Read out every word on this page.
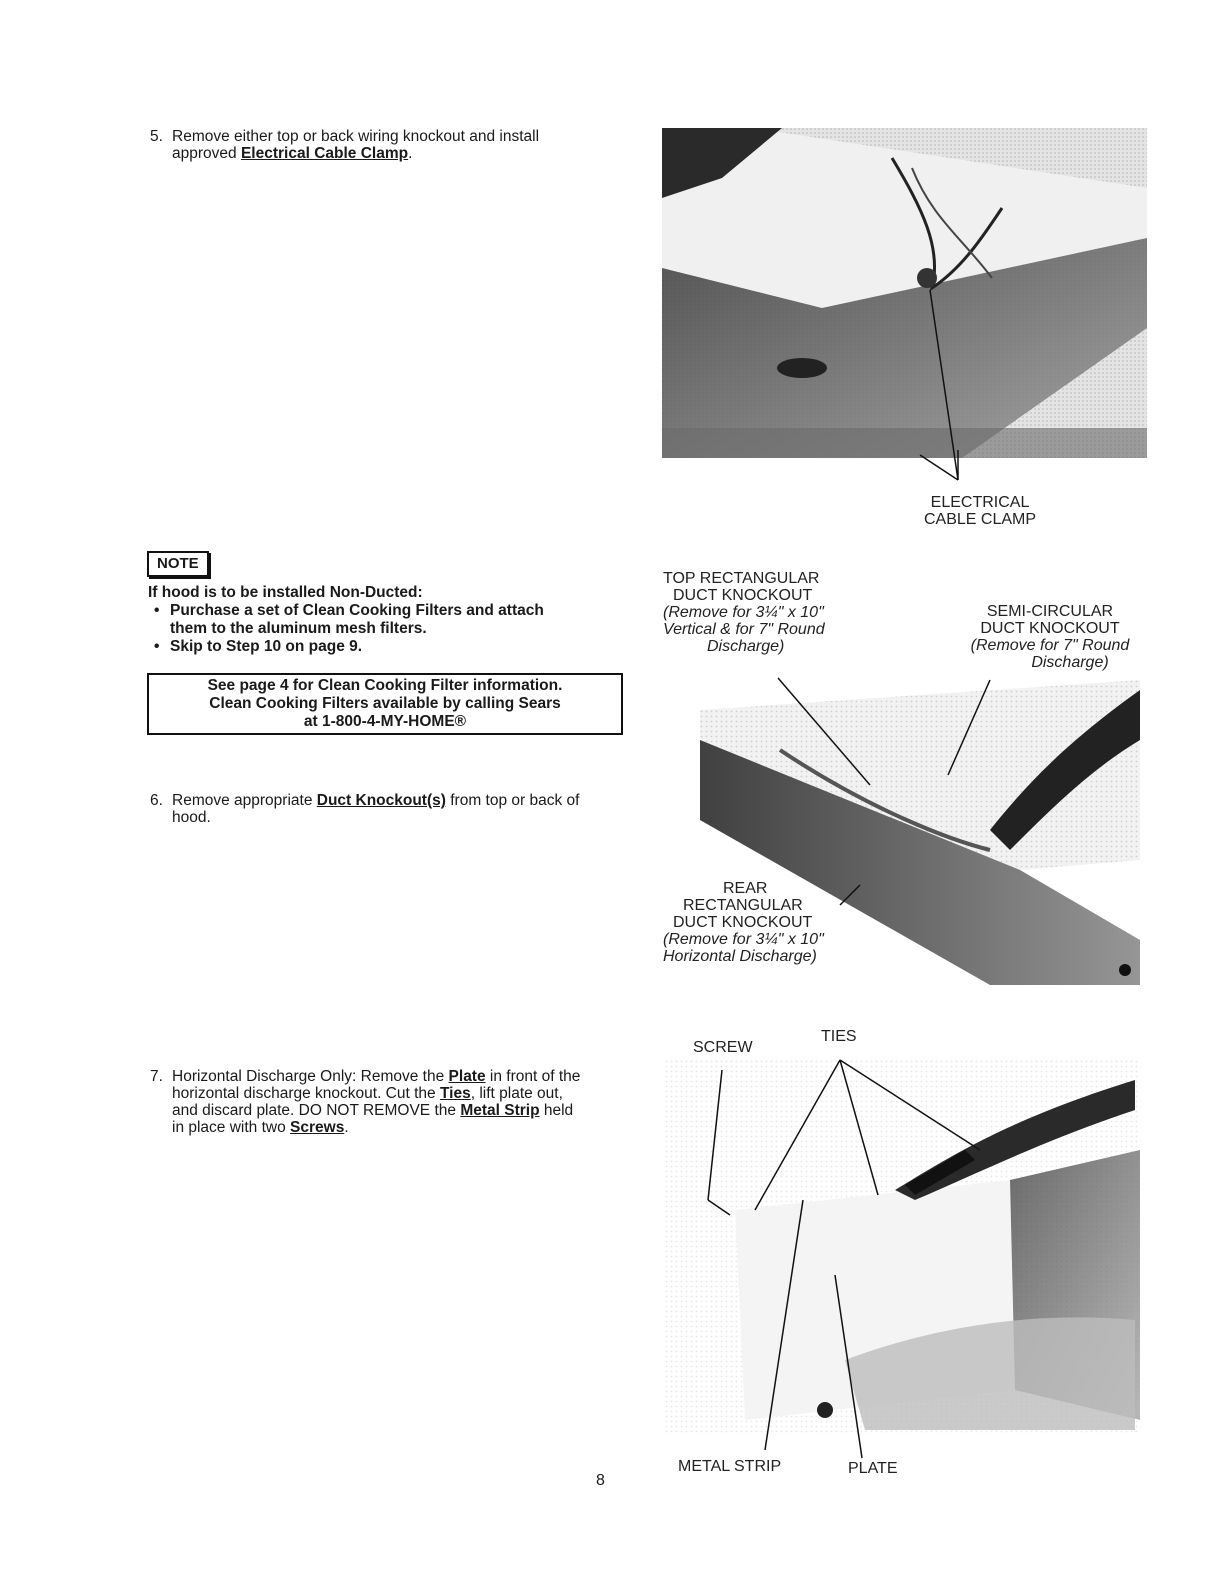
5. Remove either top or back wiring knockout and install
approved Electrical Cable Clamp.
ELECTRICAL
CABLE CLAMP
NOTE
If hood is to be installed Non-Ducted:
• Purchase a set of Clean Cooking Filters and attach
them to the aluminum mesh filters.
• Skip to Step 10 on page 9.
See page 4 for Clean Cooking Filter information.
Clean Cooking Filters available by calling Sears
at 1-800-4-MY-HOME®
6. Remove appropriate Duct Knockout(s) from top or back of
hood.
TOP RECTANGULAR
DUCT KNOCKOUT
(Remove for 3¼" x 10"
Vertical & for 7" Round
Discharge)
SEMI-CIRCULAR
DUCT KNOCKOUT
(Remove for 7" Round
Discharge)
REAR
RECTANGULAR
DUCT KNOCKOUT
(Remove for 3¼" x 10"
Horizontal Discharge)
7. Horizontal Discharge Only: Remove the Plate in front of the
horizontal discharge knockout. Cut the Ties, lift plate out,
and discard plate. DO NOT REMOVE the Metal Strip held
in place with two Screws.
SCREW
TIES
METAL STRIP	PLATE
8
